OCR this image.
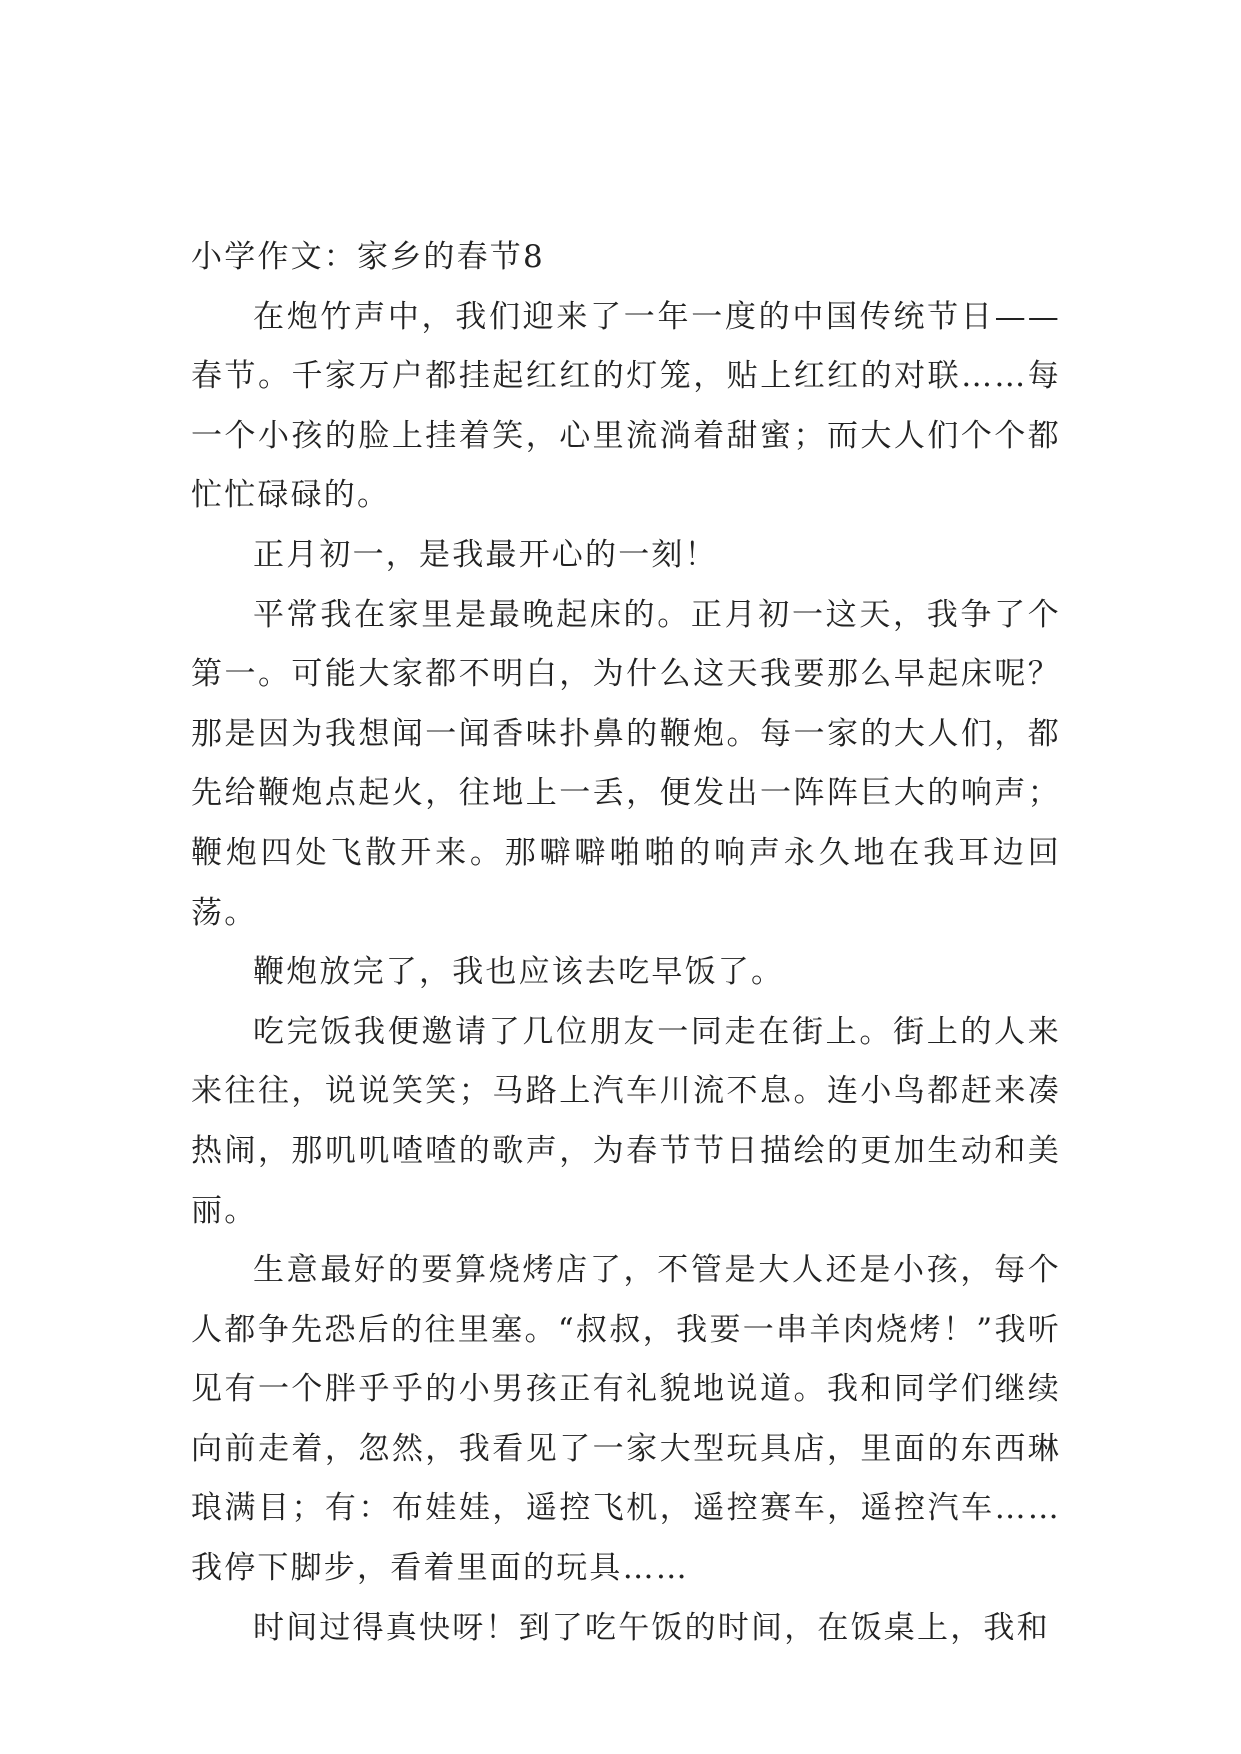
小学作文：家乡的春节8

在炮竹声中，我们迎来了一年一度的中国传统节日——春节。千家万户都挂起红红的灯笼，贴上红红的对联……每一个小孩的脸上挂着笑，心里流淌着甜蜜；而大人们个个都忙忙碌碌的。

正月初一，是我最开心的一刻！

平常我在家里是最晚起床的。正月初一这天，我争了个第一。可能大家都不明白，为什么这天我要那么早起床呢？那是因为我想闻一闻香味扑鼻的鞭炮。每一家的大人们，都先给鞭炮点起火，往地上一丢，便发出一阵阵巨大的响声；鞭炮四处飞散开来。那噼噼啪啪的响声永久地在我耳边回荡。

鞭炮放完了，我也应该去吃早饭了。

吃完饭我便邀请了几位朋友一同走在街上。街上的人来来往往，说说笑笑；马路上汽车川流不息。连小鸟都赶来凑热闹，那叽叽喳喳的歌声，为春节节日描绘的更加生动和美丽。

生意最好的要算烧烤店了，不管是大人还是小孩，每个人都争先恐后的往里塞。“叔叔，我要一串羊肉烧烤！”我听见有一个胖乎乎的小男孩正有礼貌地说道。我和同学们继续向前走着，忽然，我看见了一家大型玩具店，里面的东西琳琅满目；有：布娃娃，遥控飞机，遥控赛车，遥控汽车……我停下脚步，看着里面的玩具……

时间过得真快呀！到了吃午饭的时间，在饭桌上，我和
